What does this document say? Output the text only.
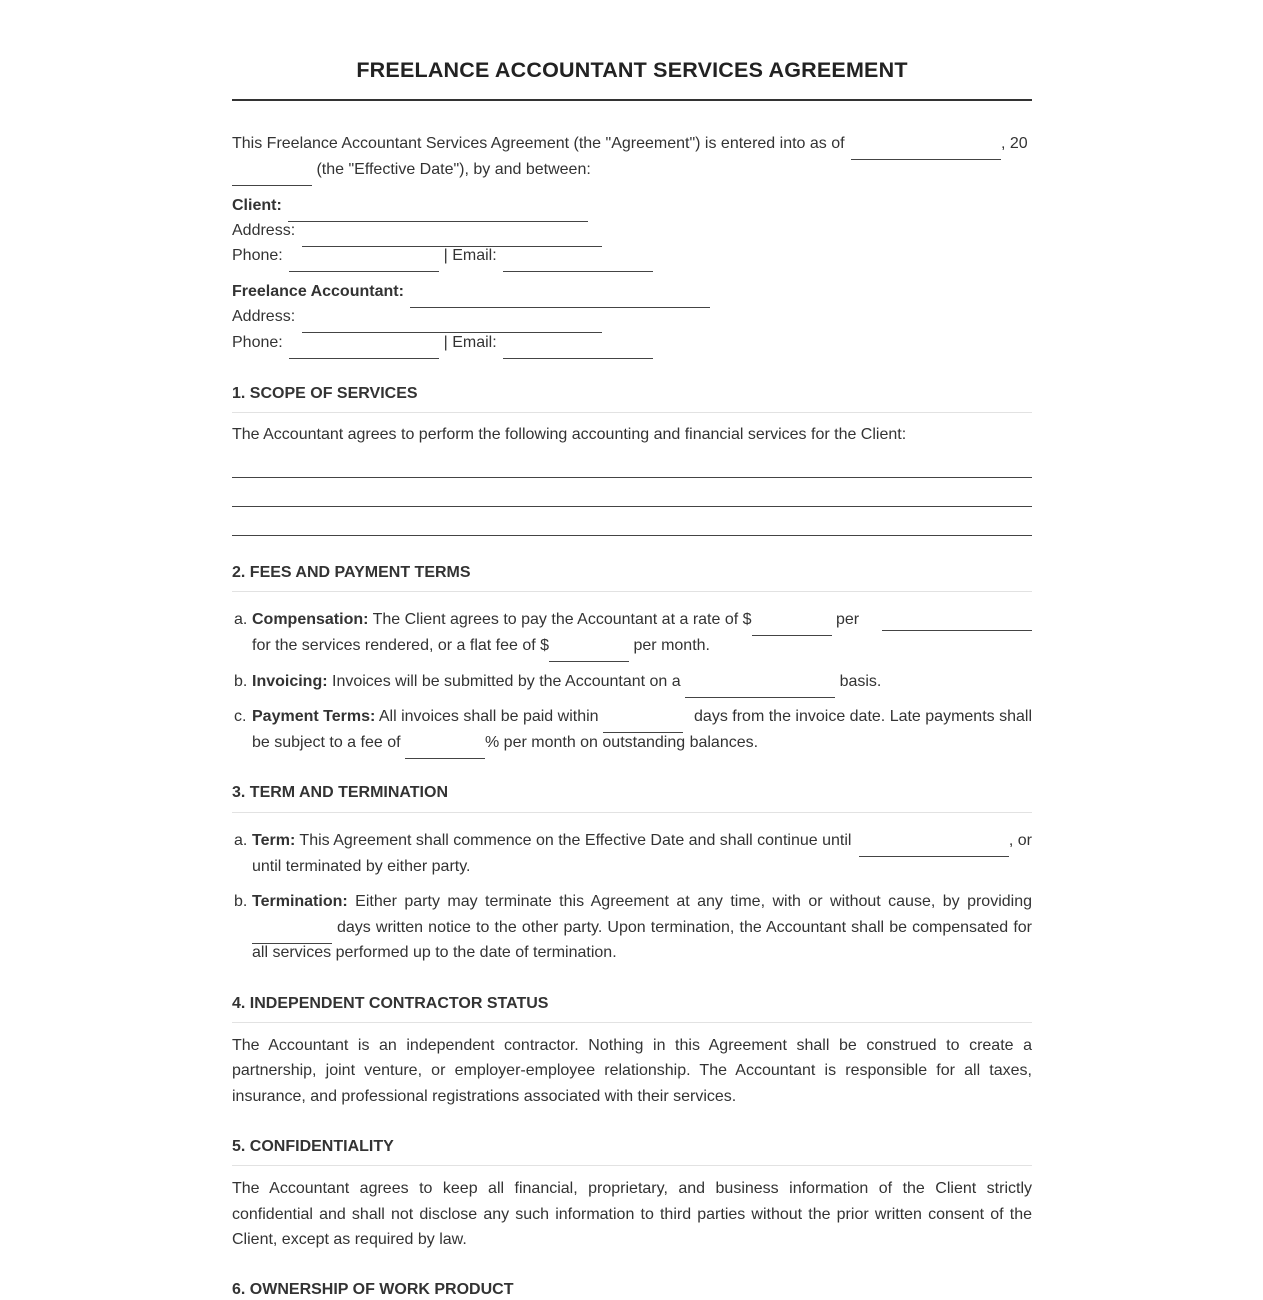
FREELANCE ACCOUNTANT SERVICES AGREEMENT
This Freelance Accountant Services Agreement (the "Agreement") is entered into as of	, 20
(the "Effective Date"), by and between:
Client:
Address:
Phone:	| Email:
Freelance Accountant:
Address:
Phone:	| Email:
1. SCOPE OF SERVICES
The Accountant agrees to perform the following accounting and financial services for the Client:
2. FEES AND PAYMENT TERMS
a. Compensation: The Client agrees to pay the Accountant at a rate of $	per
for the services rendered, or a flat fee of $	per month.
b. Invoicing: Invoices will be submitted by the Accountant on a	basis.
c. Payment Terms: All invoices shall be paid within	days from the invoice date. Late payments shall
be subject to a fee of	% per month on outstanding balances.
3. TERM AND TERMINATION
a. Term: This Agreement shall commence on the Effective Date and shall continue until	, or
until terminated by either party.
b. Termination: Either party may terminate this Agreement at any time, with or without cause, by providing
days written notice to the other party. Upon termination, the Accountant shall be compensated for
all services performed up to the date of termination.
4. INDEPENDENT CONTRACTOR STATUS
The Accountant is an independent contractor. Nothing in this Agreement shall be construed to create a
partnership, joint venture, or employer-employee relationship. The Accountant is responsible for all taxes,
insurance, and professional registrations associated with their services.
5. CONFIDENTIALITY
The Accountant agrees to keep all financial, proprietary, and business information of the Client strictly
confidential and shall not disclose any such information to third parties without the prior written consent of the
Client, except as required by law.
6. OWNERSHIP OF WORK PRODUCT
